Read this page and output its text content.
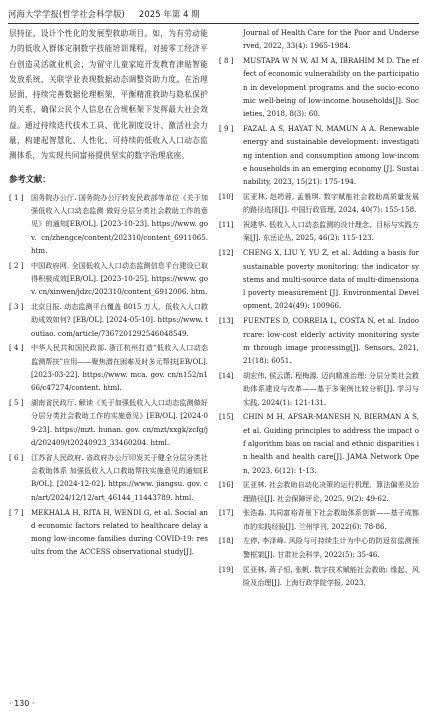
河海大学学报(哲学社会科学版) 2025 年第 4 期

层特征，设计个性化的发展型救助项目。如，为有劳动能力的低收入群体定制数字技能培训课程，对接零工经济平台创造灵活就业机会；为留守儿童家庭开发教育津贴智能发放系统，关联学业表现数据动态调整资助力度。在治理层面，持续完善数据伦理框架，平衡精准救助与隐私保护的关系，确保公民个人信息在合规框架下发挥最大社会效益。通过持续迭代技术工具、优化制度设计、激活社会力量，构建起智慧化、人性化、可持续的低收入人口动态监测体系，为实现共同富裕提供坚实的数字治理底座。

参考文献：
[ 1 ]	国务院办公厅. 国务院办公厅转发民政部等单位《关于加强低收入人口动态监测 做好分层分类社会救助工作的意见》的通知[EB/OL]. [2023-10-23]. https://www. gov. cn/zhengce/content/202310/content_6911065. htm.
[ 2 ]	中国政府网. 全国低收入人口动态监测信息平台建设已取得积极成效[EB/OL]. [2023-10-25]. https://www. gov. cn/xinwen/jdzc/202310/content_6912006. htm.
[ 3 ]	北京日报. 动态监测平台覆盖 8015 万人，低收入人口救助成效如何? [EB/OL]. [2024-05-10]. https://www. toutiao. com/article/7367201292546048549.
[ 4 ]	中华人民共和国民政部. 浙江杭州打造“低收入人口动态监测帮扶”应用——聚焦潜在困难及时多元帮扶[EB/OL]. [2023-03-22]. https://www. mca. gov. cn/n152/n166/c47274/content. html.
[ 5 ]	湖南省民政厅. 解读《关于加强低收入人口动态监测做好分层分类社会救助工作的实施意见》[EB/OL]. [2024-09-23]. https://mzt. hunan. gov. cn/mzt/xxgk/zcfg/jd/202409/t20240923_33460204. html.
[ 6 ]	江苏省人民政府. 省政府办公厅印发关于健全分层分类社会救助体系 加强低收入人口救助帮扶实施意见的通知[EB/OL]. [2024-12-02]. https://www. jiangsu. gov. cn/art/2024/12/12/art_46144_11443789. html.
[ 7 ]	MEKHALA H, RITA H, WENDI G, et al. Social and economic factors related to healthcare delay among low-income families during COVID-19: results from the ACCESS observational study[J].
Journal of Health Care for the Poor and Underserved, 2022, 33(4): 1965-1984.
[ 8 ]	MUSTAPA W N W, AI M A, IBRAHIM M D. The effect of economic vulnerability on the participation in development programs and the socio-economic well-being of low-income households[J]. Societies, 2018, 8(3): 60.
[ 9 ]	FAZAL A S, HAYAT N, MAMUN A A. Renewable energy and sustainable development: investigating intention and consumption among low-income households in an emerging economy [J]. Sustainability, 2023, 15(21): 175-194.
[10]	匡亚林, 赵筠蓉, 孟雅琪. 数字赋能社会救助高质量发展的路径选择[J]. 中国行政管理, 2024, 40(7): 155-158.
[11]	祝建华. 低收入人口动态监测的设计理念、目标与实践方案[J]. 东岳论丛, 2025, 46(2): 115-123.
[12]	CHENG X, LIU Y, YU Z, et al. Adding a basis for sustainable poverty monitoring: the indicator systems and multi-source data of multi-dimensional poverty measurement [J]. Environmental Development, 2024(49): 100966.
[13]	FUENTES D, CORREIA L, COSTA N, et al. Indoorcare: low-cost elderly activity monitoring system through image processing[J]. Sensors, 2021, 21(18): 6051.
[14]	胡宏伟, 侯云潇, 程梅源. 迈向精准治理: 分层分类社会救助体系建设与改革——基于多案例比较分析[J]. 学习与实践, 2024(1): 121-131.
[15]	CHIN M H, AFSAR-MANESH N, BIERMAN A S, et al. Guiding principles to address the impact of algorithm bias on racial and ethnic disparities in health and health care[J]. JAMA Network Open, 2023, 6(12): 1-13.
[16]	匡亚林. 社会救助自动化决策的运行机理、算法偏差及治理路径[J]. 社会保障评论, 2025, 9(2): 49-62.
[17]	张浩淼. 共同富裕背景下社会救助体系创新——基于成都市的实践经验[J]. 兰州学刊, 2022(6): 78-86.
[18]	左停, 李泽峰. 风险与可持续生计为中心的防返贫监测预警框架[J]. 甘肃社会科学, 2022(5): 35-46.
[19]	匡亚林, 蒋子恒, 张帆. 数字技术赋能社会救助: 缘起、风险及治理[J]. 上海行政学院学报, 2023,
· 130 ·
